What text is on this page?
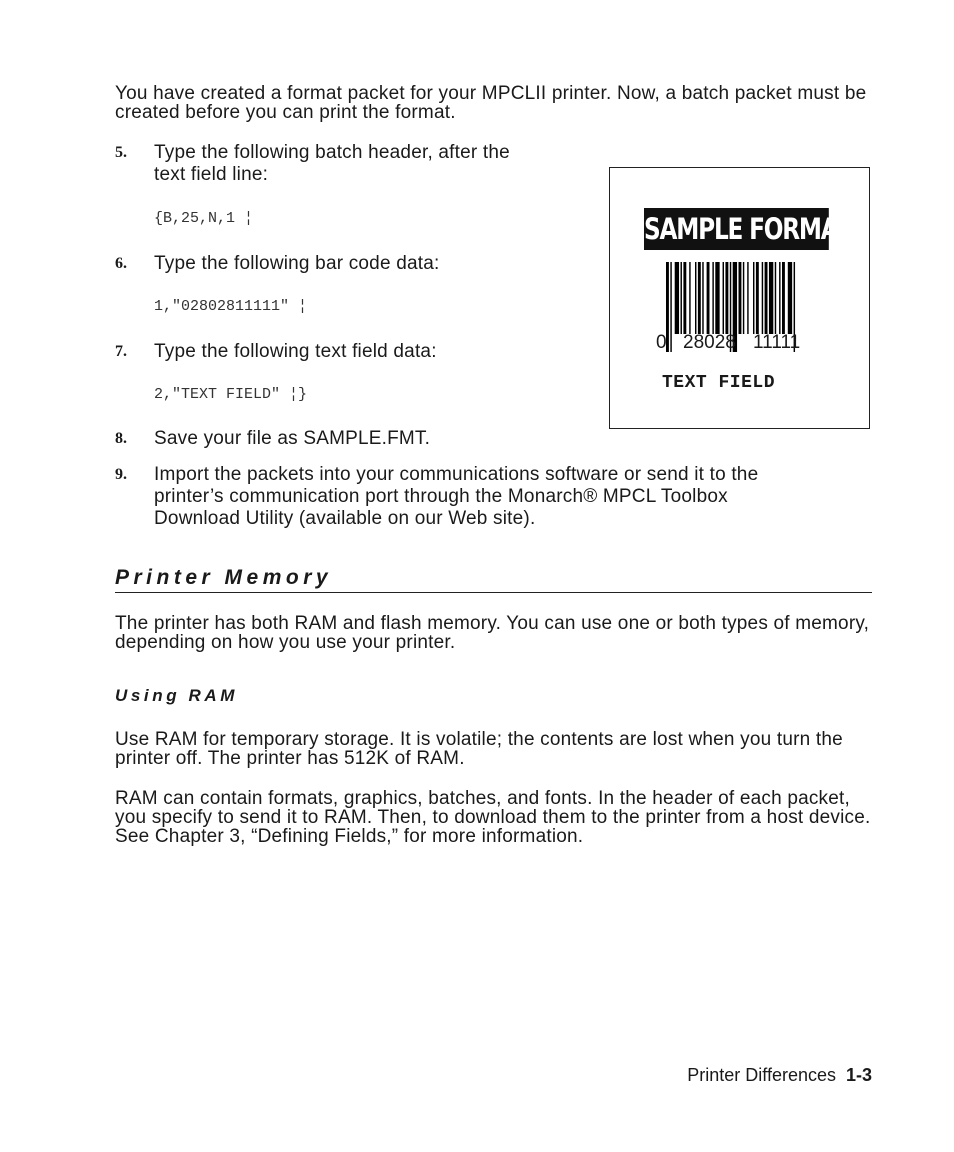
You have created a format packet for your MPCLII printer. Now, a batch packet must be created before you can print the format.

5. Type the following batch header, after the
text field line:
{B,25,N,1 ¦
6. Type the following bar code data:
1,"02802811111" ¦
7. Type the following text field data:
2,"TEXT FIELD" ¦}
8. Save your file as SAMPLE.FMT.
9. Import the packets into your communications software or send it to the
printer’s communication port through the Monarch® MPCL Toolbox
Download Utility (available on our Web site).
SAMPLE FORMAT
0 28028 11111
TEXT FIELD
Printer Memory

The printer has both RAM and flash memory. You can use one or both types of memory, depending on how you use your printer.

Using RAM

Use RAM for temporary storage. It is volatile; the contents are lost when you turn the printer off. The printer has 512K of RAM.

RAM can contain formats, graphics, batches, and fonts. In the header of each packet, you specify to send it to RAM. Then, to download them to the printer from a host device. See Chapter 3, “Defining Fields,” for more information.

Printer Differences 1-3
